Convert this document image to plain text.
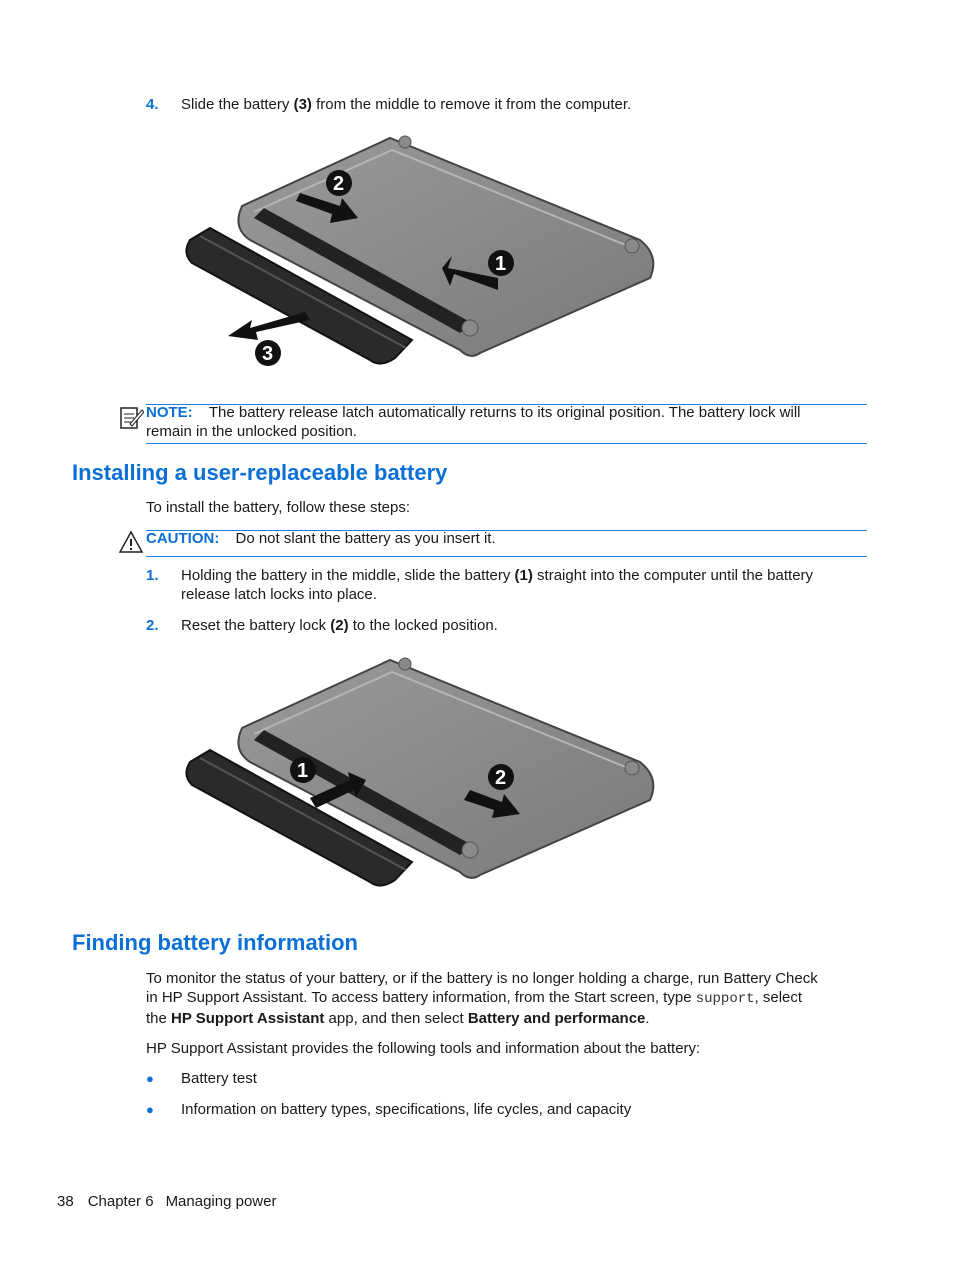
4. Slide the battery (3) from the middle to remove it from the computer.
2
1
3
NOTE: The battery release latch automatically returns to its original position. The battery lock will
remain in the unlocked position.
Installing a user-replaceable battery
To install the battery, follow these steps:
CAUTION: Do not slant the battery as you insert it.
1. Holding the battery in the middle, slide the battery (1) straight into the computer until the battery
release latch locks into place.
2. Reset the battery lock (2) to the locked position.
1	2
Finding battery information
To monitor the status of your battery, or if the battery is no longer holding a charge, run Battery Check
in HP Support Assistant. To access battery information, from the Start screen, type support, select
the HP Support Assistant app, and then select Battery and performance.
HP Support Assistant provides the following tools and information about the battery:
● Battery test
● Information on battery types, specifications, life cycles, and capacity
38 Chapter 6 Managing power
